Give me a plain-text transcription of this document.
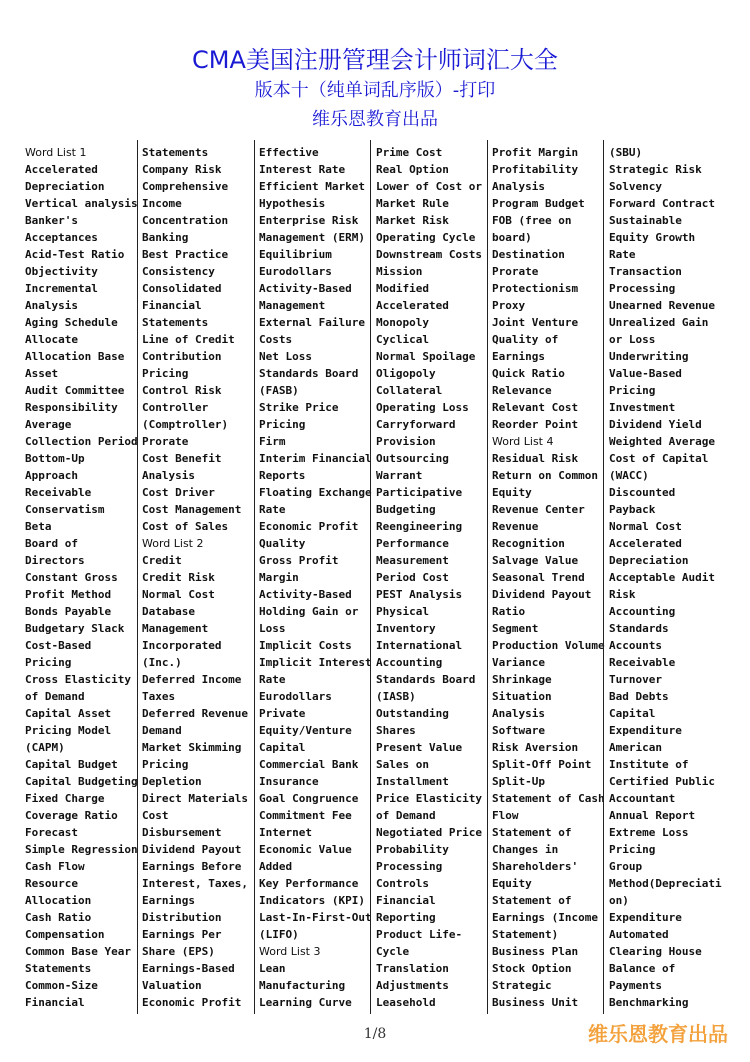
CMA美国注册管理会计师词汇大全
版本十（纯单词乱序版）-打印
维乐恩教育出品
Word List 1
Accelerated
Depreciation
Vertical analysis
Banker's
Acceptances
Acid-Test Ratio
Objectivity
Incremental
Analysis
Aging Schedule
Allocate
Allocation Base
Asset
Audit Committee
Responsibility
Average
Collection Period
Bottom-Up
Approach
Receivable
Conservatism
Beta
Board of
Directors
Constant Gross
Profit Method
Bonds Payable
Budgetary Slack
Cost-Based
Pricing
Cross Elasticity
of Demand
Capital Asset
Pricing Model
(CAPM)
Capital Budget
Capital Budgeting
Fixed Charge
Coverage Ratio
Forecast
Simple Regression
Cash Flow
Resource
Allocation
Cash Ratio
Compensation
Common Base Year
Statements
Common-Size
Financial
Statements
Company Risk
Comprehensive
Income
Concentration
Banking
Best Practice
Consistency
Consolidated
Financial
Statements
Line of Credit
Contribution
Pricing
Control Risk
Controller
(Comptroller)
Prorate
Cost Benefit
Analysis
Cost Driver
Cost Management
Cost of Sales
Word List 2
Credit
Credit Risk
Normal Cost
Database
Management
Incorporated
(Inc.)
Deferred Income
Taxes
Deferred Revenue
Demand
Market Skimming
Pricing
Depletion
Direct Materials
Cost
Disbursement
Dividend Payout
Earnings Before
Interest, Taxes,
Earnings
Distribution
Earnings Per
Share (EPS)
Earnings-Based
Valuation
Economic Profit
Effective
Interest Rate
Efficient Market
Hypothesis
Enterprise Risk
Management (ERM)
Equilibrium
Eurodollars
Activity-Based
Management
External Failure
Costs
Net Loss
Standards Board
(FASB)
Strike Price
Pricing
Firm
Interim Financial
Reports
Floating Exchange
Rate
Economic Profit
Quality
Gross Profit
Margin
Activity-Based
Holding Gain or
Loss
Implicit Costs
Implicit Interest
Rate
Eurodollars
Private
Equity/Venture
Capital
Commercial Bank
Insurance
Goal Congruence
Commitment Fee
Internet
Economic Value
Added
Key Performance
Indicators (KPI)
Last-In-First-Out
(LIFO)
Word List 3
Lean
Manufacturing
Learning Curve
Prime Cost
Real Option
Lower of Cost or
Market Rule
Market Risk
Operating Cycle
Downstream Costs
Mission
Modified
Accelerated
Monopoly
Cyclical
Normal Spoilage
Oligopoly
Collateral
Operating Loss
Carryforward
Provision
Outsourcing
Warrant
Participative
Budgeting
Reengineering
Performance
Measurement
Period Cost
PEST Analysis
Physical
Inventory
International
Accounting
Standards Board
(IASB)
Outstanding
Shares
Present Value
Sales on
Installment
Price Elasticity
of Demand
Negotiated Price
Probability
Processing
Controls
Financial
Reporting
Product Life-
Cycle
Translation
Adjustments
Leasehold
Profit Margin
Profitability
Analysis
Program Budget
FOB (free on
board)
Destination
Prorate
Protectionism
Proxy
Joint Venture
Quality of
Earnings
Quick Ratio
Relevance
Relevant Cost
Reorder Point
Word List 4
Residual Risk
Return on Common
Equity
Revenue Center
Revenue
Recognition
Salvage Value
Seasonal Trend
Dividend Payout
Ratio
Segment
Production Volume
Variance
Shrinkage
Situation
Analysis
Software
Risk Aversion
Split-Off Point
Split-Up
Statement of Cash
Flow
Statement of
Changes in
Shareholders'
Equity
Statement of
Earnings (Income
Statement)
Business Plan
Stock Option
Strategic
Business Unit
(SBU)
Strategic Risk
Solvency
Forward Contract
Sustainable
Equity Growth
Rate
Transaction
Processing
Unearned Revenue
Unrealized Gain
or Loss
Underwriting
Value-Based
Pricing
Investment
Dividend Yield
Weighted Average
Cost of Capital
(WACC)
Discounted
Payback
Normal Cost
Accelerated
Depreciation
Acceptable Audit
Risk
Accounting
Standards
Accounts
Receivable
Turnover
Bad Debts
Capital
Expenditure
American
Institute of
Certified Public
Accountant
Annual Report
Extreme Loss
Pricing
Group
Method(Depreciati
on)
Expenditure
Automated
Clearing House
Balance of
Payments
Benchmarking
1/8	维乐恩教育出品
